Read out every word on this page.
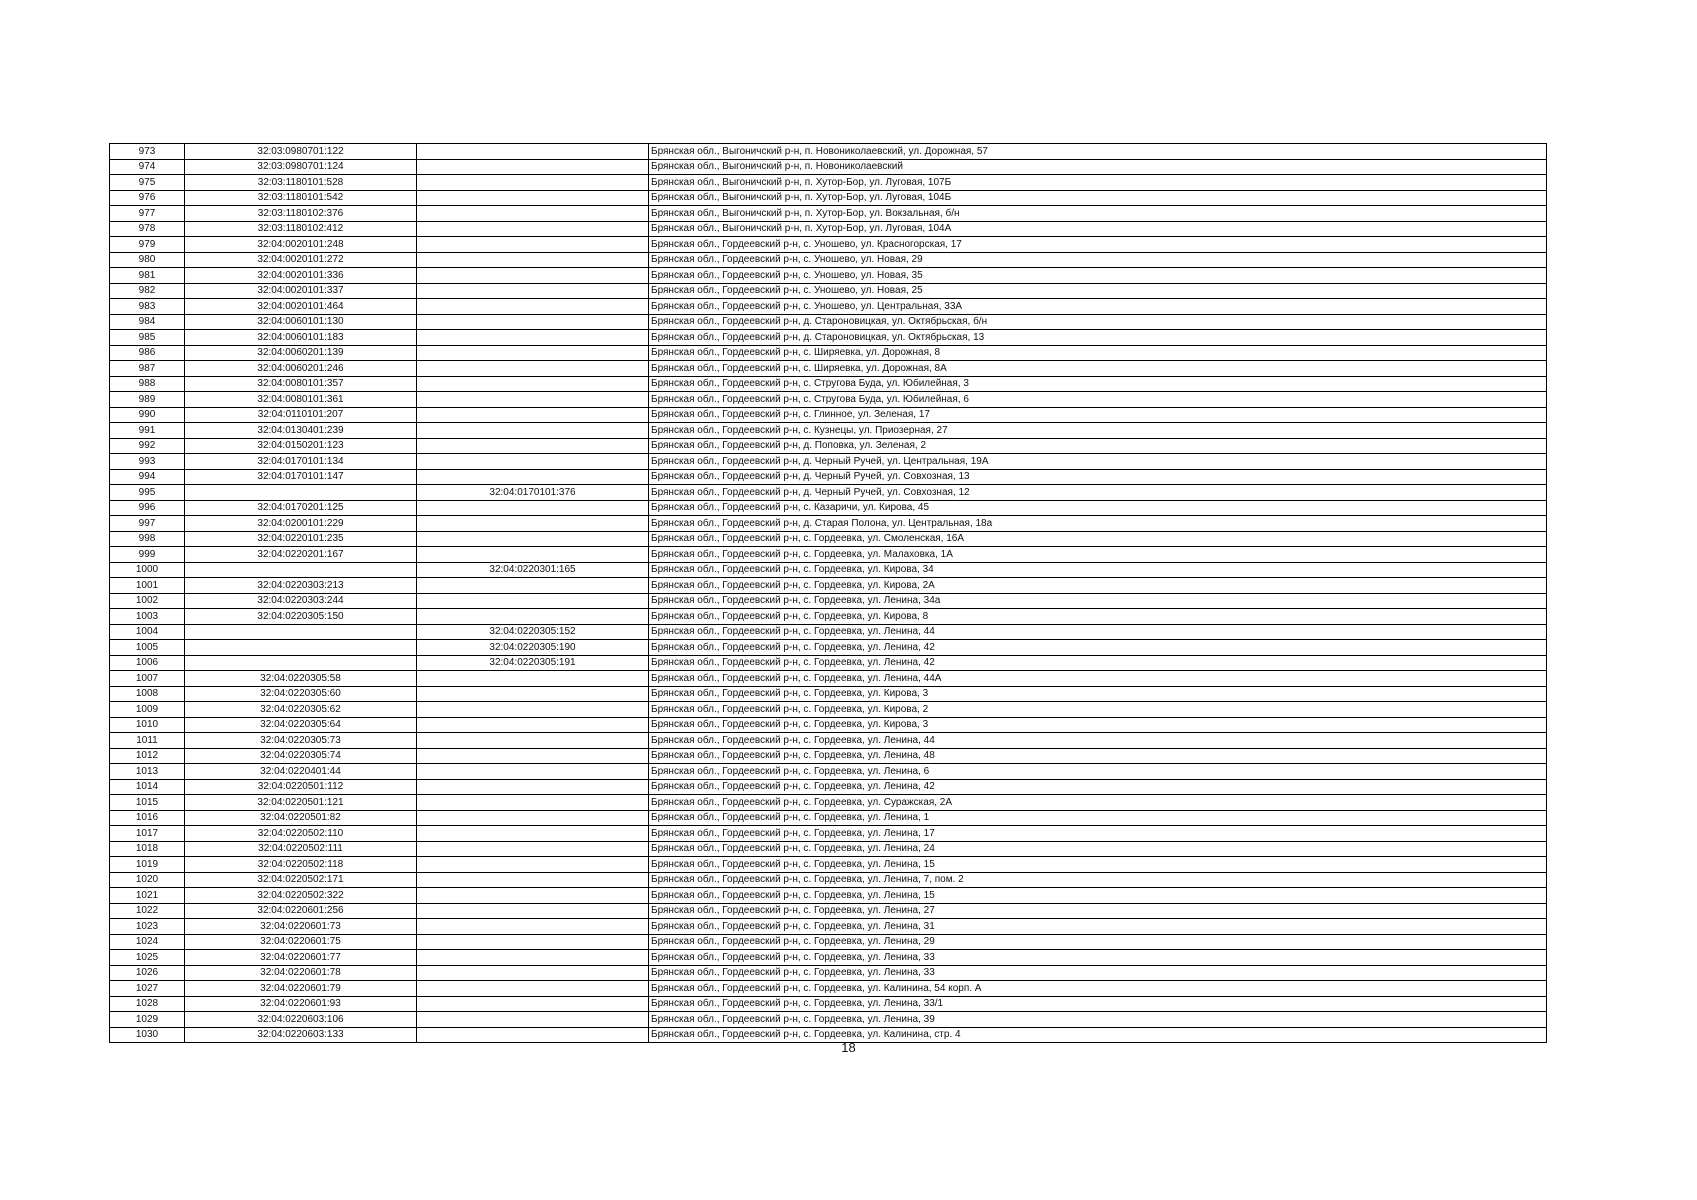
973	32:03:0980701:122		Брянская обл., Выгоничский р-н, п. Новониколаевский, ул. Дорожная, 57
974	32:03:0980701:124		Брянская обл., Выгоничский р-н, п. Новониколаевский
975	32:03:1180101:528		Брянская обл., Выгоничский р-н, п. Хутор-Бор, ул. Луговая, 107Б
976	32:03:1180101:542		Брянская обл., Выгоничский р-н, п. Хутор-Бор, ул. Луговая, 104Б
977	32:03:1180102:376		Брянская обл., Выгоничский р-н, п. Хутор-Бор, ул. Вокзальная, б/н
978	32:03:1180102:412		Брянская обл., Выгоничский р-н, п. Хутор-Бор, ул. Луговая, 104А
979	32:04:0020101:248		Брянская обл., Гордеевский р-н, с. Уношево, ул. Красногорская, 17
980	32:04:0020101:272		Брянская обл., Гордеевский р-н, с. Уношево, ул. Новая, 29
981	32:04:0020101:336		Брянская обл., Гордеевский р-н, с. Уношево, ул. Новая, 35
982	32:04:0020101:337		Брянская обл., Гордеевский р-н, с. Уношево, ул. Новая, 25
983	32:04:0020101:464		Брянская обл., Гордеевский р-н, с. Уношево, ул. Центральная, 33А
984	32:04:0060101:130		Брянская обл., Гордеевский р-н, д. Староновицкая, ул. Октябрьская, б/н
985	32:04:0060101:183		Брянская обл., Гордеевский р-н, д. Староновицкая, ул. Октябрьская, 13
986	32:04:0060201:139		Брянская обл., Гордеевский р-н, с. Ширяевка, ул. Дорожная, 8
987	32:04:0060201:246		Брянская обл., Гордеевский р-н, с. Ширяевка, ул. Дорожная, 8А
988	32:04:0080101:357		Брянская обл., Гордеевский р-н, с. Стругова Буда, ул. Юбилейная, 3
989	32:04:0080101:361		Брянская обл., Гордеевский р-н, с. Стругова Буда, ул. Юбилейная, 6
990	32:04:0110101:207		Брянская обл., Гордеевский р-н, с. Глинное, ул. Зеленая, 17
991	32:04:0130401:239		Брянская обл., Гордеевский р-н, с. Кузнецы, ул. Приозерная, 27
992	32:04:0150201:123		Брянская обл., Гордеевский р-н, д. Поповка, ул. Зеленая, 2
993	32:04:0170101:134		Брянская обл., Гордеевский р-н, д. Черный Ручей, ул. Центральная, 19А
994	32:04:0170101:147		Брянская обл., Гордеевский р-н, д. Черный Ручей, ул. Совхозная, 13
995		32:04:0170101:376	Брянская обл., Гордеевский р-н, д. Черный Ручей, ул. Совхозная, 12
996	32:04:0170201:125		Брянская обл., Гордеевский р-н, с. Казаричи, ул. Кирова, 45
997	32:04:0200101:229		Брянская обл., Гордеевский р-н, д. Старая Полона, ул. Центральная, 18а
998	32:04:0220101:235		Брянская обл., Гордеевский р-н, с. Гордеевка, ул. Смоленская, 16А
999	32:04:0220201:167		Брянская обл., Гордеевский р-н, с. Гордеевка, ул. Малаховка, 1А
1000		32:04:0220301:165	Брянская обл., Гордеевский р-н, с. Гордеевка, ул. Кирова, 34
1001	32:04:0220303:213		Брянская обл., Гордеевский р-н, с. Гордеевка, ул. Кирова, 2А
1002	32:04:0220303:244		Брянская обл., Гордеевский р-н, с. Гордеевка, ул. Ленина, 34а
1003	32:04:0220305:150		Брянская обл., Гордеевский р-н, с. Гордеевка, ул. Кирова, 8
1004		32:04:0220305:152	Брянская обл., Гордеевский р-н, с. Гордеевка, ул. Ленина, 44
1005		32:04:0220305:190	Брянская обл., Гордеевский р-н, с. Гордеевка, ул. Ленина, 42
1006		32:04:0220305:191	Брянская обл., Гордеевский р-н, с. Гордеевка, ул. Ленина, 42
1007	32:04:0220305:58		Брянская обл., Гордеевский р-н, с. Гордеевка, ул. Ленина, 44А
1008	32:04:0220305:60		Брянская обл., Гордеевский р-н, с. Гордеевка, ул. Кирова, 3
1009	32:04:0220305:62		Брянская обл., Гордеевский р-н, с. Гордеевка, ул. Кирова, 2
1010	32:04:0220305:64		Брянская обл., Гордеевский р-н, с. Гордеевка, ул. Кирова, 3
1011	32:04:0220305:73		Брянская обл., Гордеевский р-н, с. Гордеевка, ул. Ленина, 44
1012	32:04:0220305:74		Брянская обл., Гордеевский р-н, с. Гордеевка, ул. Ленина, 48
1013	32:04:0220401:44		Брянская обл., Гордеевский р-н, с. Гордеевка, ул. Ленина, 6
1014	32:04:0220501:112		Брянская обл., Гордеевский р-н, с. Гордеевка, ул. Ленина, 42
1015	32:04:0220501:121		Брянская обл., Гордеевский р-н, с. Гордеевка, ул. Суражская, 2А
1016	32:04:0220501:82		Брянская обл., Гордеевский р-н, с. Гордеевка, ул. Ленина, 1
1017	32:04:0220502:110		Брянская обл., Гордеевский р-н, с. Гордеевка, ул. Ленина, 17
1018	32:04:0220502:111		Брянская обл., Гордеевский р-н, с. Гордеевка, ул. Ленина, 24
1019	32:04:0220502:118		Брянская обл., Гордеевский р-н, с. Гордеевка, ул. Ленина, 15
1020	32:04:0220502:171		Брянская обл., Гордеевский р-н, с. Гордеевка, ул. Ленина, 7, пом. 2
1021	32:04:0220502:322		Брянская обл., Гордеевский р-н, с. Гордеевка, ул. Ленина, 15
1022	32:04:0220601:256		Брянская обл., Гордеевский р-н, с. Гордеевка, ул. Ленина, 27
1023	32:04:0220601:73		Брянская обл., Гордеевский р-н, с. Гордеевка, ул. Ленина, 31
1024	32:04:0220601:75		Брянская обл., Гордеевский р-н, с. Гордеевка, ул. Ленина, 29
1025	32:04:0220601:77		Брянская обл., Гордеевский р-н, с. Гордеевка, ул. Ленина, 33
1026	32:04:0220601:78		Брянская обл., Гордеевский р-н, с. Гордеевка, ул. Ленина, 33
1027	32:04:0220601:79		Брянская обл., Гордеевский р-н, с. Гордеевка, ул. Калинина, 54 корп. А
1028	32:04:0220601:93		Брянская обл., Гордеевский р-н, с. Гордеевка, ул. Ленина, 33/1
1029	32:04:0220603:106		Брянская обл., Гордеевский р-н, с. Гордеевка, ул. Ленина, 39
1030	32:04:0220603:133		Брянская обл., Гордеевский р-н, с. Гордеевка, ул. Калинина, стр. 4
18
